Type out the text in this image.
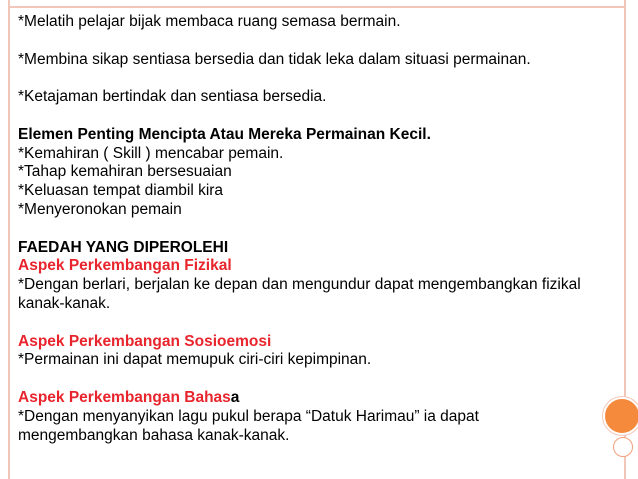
*Melatih pelajar bijak membaca ruang semasa bermain.

*Membina sikap sentiasa bersedia dan tidak leka dalam situasi permainan.

*Ketajaman bertindak dan sentiasa bersedia.

Elemen Penting Mencipta Atau Mereka Permainan Kecil.

*Kemahiran ( Skill ) mencabar pemain.

*Tahap kemahiran bersesuaian

*Keluasan tempat diambil kira

*Menyeronokan pemain

FAEDAH YANG DIPEROLEHI

Aspek Perkembangan Fizikal

*Dengan berlari, berjalan ke depan dan mengundur dapat mengembangkan fizikal kanak-kanak.

Aspek Perkembangan Sosioemosi

*Permainan ini dapat memupuk ciri-ciri kepimpinan.

Aspek Perkembangan Bahasa

*Dengan menyanyikan lagu pukul berapa “Datuk Harimau” ia dapat mengembangkan bahasa kanak-kanak.
